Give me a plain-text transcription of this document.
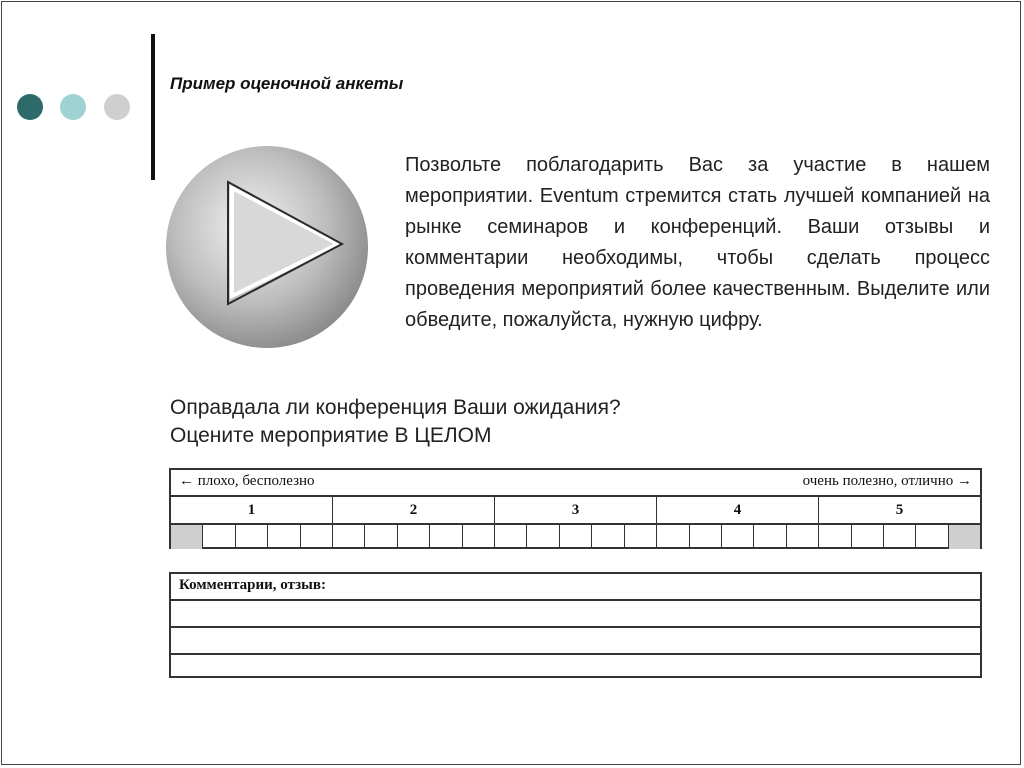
Пример оценочной анкеты
Позвольте поблагодарить Вас за участие в нашем мероприятии. Eventum стремится стать лучшей компанией на рынке семинаров и конференций. Ваши отзывы и комментарии необходимы, чтобы сделать процесс проведения мероприятий более качественным. Выделите или обведите, пожалуйста, нужную цифру.
Оправдала ли конференция Ваши ожидания?
Оцените мероприятие В ЦЕЛОМ
← плохо, бесполезно	очень полезно, отлично →
1	2	3	4	5
Комментарии, отзыв:
